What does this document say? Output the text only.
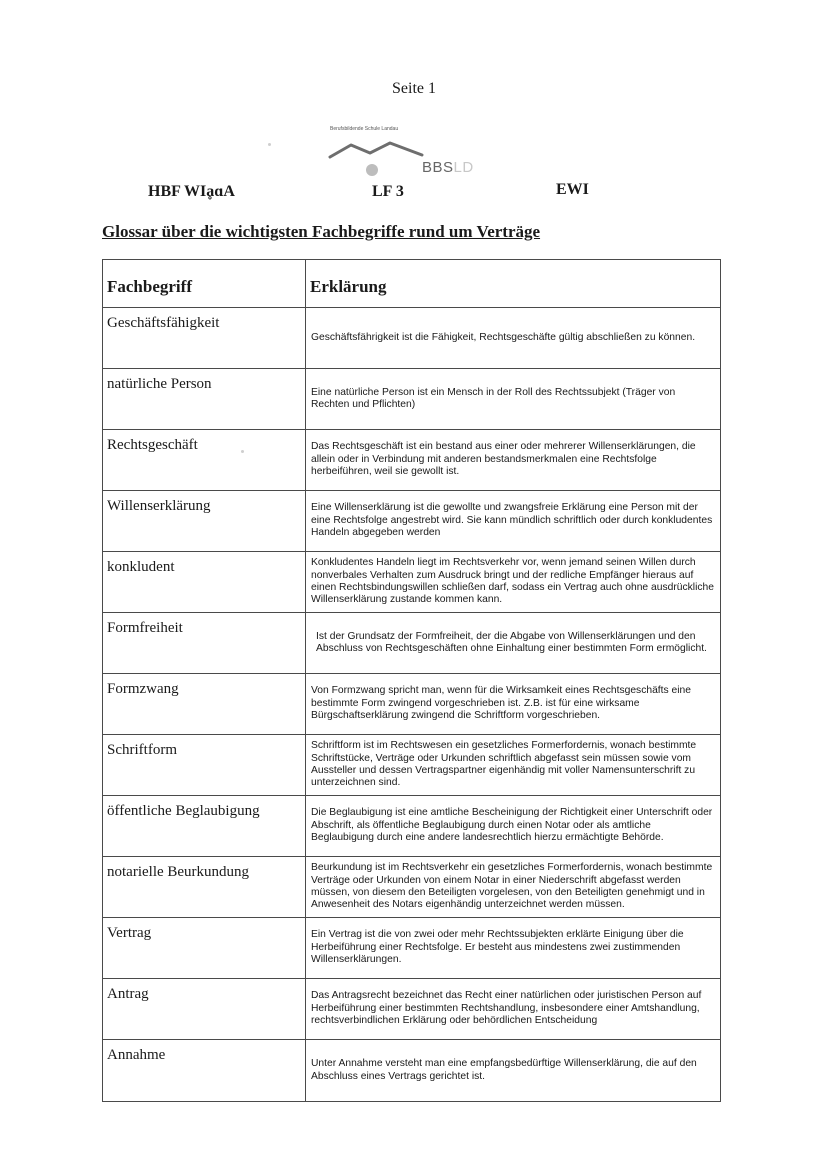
Seite 1
Berufsbildende Schule Landau
BBSLD
HBF WIḁɑA	LF 3	EWI
Glossar über die wichtigsten Fachbegriffe rund um Verträge
Fachbegriff	Erklärung
Geschäftsfähigkeit	Geschäftsfährigkeit ist die Fähigkeit, Rechtsgeschäfte gültig abschließen zu können.
natürliche Person	Eine natürliche Person ist ein Mensch in der Roll des Rechtssubjekt (Träger von Rechten und Pflichten)
Rechtsgeschäft	Das Rechtsgeschäft ist ein bestand aus einer oder mehrerer Willenserklärungen, die allein oder in Verbindung mit anderen bestandsmerkmalen eine Rechtsfolge herbeiführen, weil sie gewollt ist.
Willenserklärung	Eine Willenserklärung ist die gewollte und zwangsfreie Erklärung eine Person mit der eine Rechtsfolge angestrebt wird. Sie kann mündlich schriftlich oder durch konkludentes Handeln abgegeben werden
konkludent	Konkludentes Handeln liegt im Rechtsverkehr vor, wenn jemand seinen Willen durch nonverbales Verhalten zum Ausdruck bringt und der redliche Empfänger hieraus auf einen Rechtsbindungswillen schließen darf, sodass ein Vertrag auch ohne ausdrückliche Willenserklärung zustande kommen kann.
Formfreiheit	Ist der Grundsatz der Formfreiheit, der die Abgabe von Willenserklärungen und den Abschluss von Rechtsgeschäften ohne Einhaltung einer bestimmten Form ermöglicht.
Formzwang	Von Formzwang spricht man, wenn für die Wirksamkeit eines Rechtsgeschäfts eine bestimmte Form zwingend vorgeschrieben ist. Z.B. ist für eine wirksame Bürgschaftserklärung zwingend die Schriftform vorgeschrieben.
Schriftform	Schriftform ist im Rechtswesen ein gesetzliches Formerfordernis, wonach bestimmte Schriftstücke, Verträge oder Urkunden schriftlich abgefasst sein müssen sowie vom Aussteller und dessen Vertragspartner eigenhändig mit voller Namensunterschrift zu unterzeichnen sind.
öffentliche Beglaubigung	Die Beglaubigung ist eine amtliche Bescheinigung der Richtigkeit einer Unterschrift oder Abschrift, als öffentliche Beglaubigung durch einen Notar oder als amtliche Beglaubigung durch eine andere landesrechtlich hierzu ermächtigte Behörde.
notarielle Beurkundung	Beurkundung ist im Rechtsverkehr ein gesetzliches Formerfordernis, wonach bestimmte Verträge oder Urkunden von einem Notar in einer Niederschrift abgefasst werden müssen, von diesem den Beteiligten vorgelesen, von den Beteiligten genehmigt und in Anwesenheit des Notars eigenhändig unterzeichnet werden müssen.
Vertrag	Ein Vertrag ist die von zwei oder mehr Rechtssubjekten erklärte Einigung über die Herbeiführung einer Rechtsfolge. Er besteht aus mindestens zwei zustimmenden Willenserklärungen.
Antrag	Das Antragsrecht bezeichnet das Recht einer natürlichen oder juristischen Person auf Herbeiführung einer bestimmten Rechtshandlung, insbesondere einer Amtshandlung, rechtsverbindlichen Erklärung oder behördlichen Entscheidung
Annahme	Unter Annahme versteht man eine empfangsbedürftige Willenserklärung, die auf den Abschluss eines Vertrags gerichtet ist.
